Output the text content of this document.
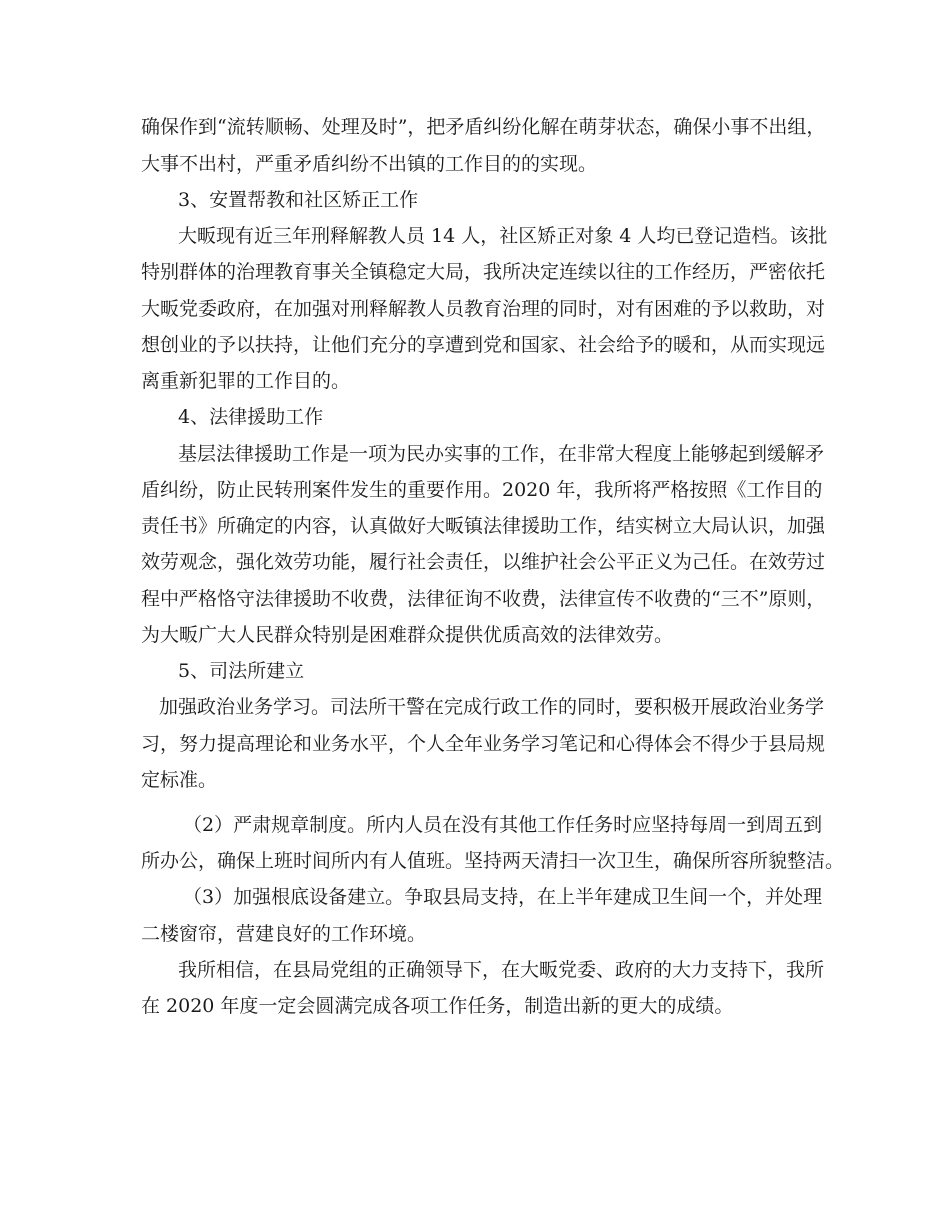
确保作到“流转顺畅、处理及时”，把矛盾纠纷化解在萌芽状态，确保小事不出组，
大事不出村，严重矛盾纠纷不出镇的工作目的的实现。
3、安置帮教和社区矫正工作
大畈现有近三年刑释解教人员 14 人，社区矫正对象 4 人均已登记造档。该批
特别群体的治理教育事关全镇稳定大局，我所决定连续以往的工作经历，严密依托
大畈党委政府，在加强对刑释解教人员教育治理的同时，对有困难的予以救助，对
想创业的予以扶持，让他们充分的享遭到党和国家、社会给予的暖和，从而实现远
离重新犯罪的工作目的。
4、法律援助工作
基层法律援助工作是一项为民办实事的工作，在非常大程度上能够起到缓解矛
盾纠纷，防止民转刑案件发生的重要作用。2020 年，我所将严格按照《工作目的
责任书》所确定的内容，认真做好大畈镇法律援助工作，结实树立大局认识，加强
效劳观念，强化效劳功能，履行社会责任，以维护社会公平正义为己任。在效劳过
程中严格恪守法律援助不收费，法律征询不收费，法律宣传不收费的“三不”原则，
为大畈广大人民群众特别是困难群众提供优质高效的法律效劳。
5、司法所建立
加强政治业务学习。司法所干警在完成行政工作的同时，要积极开展政治业务学
习，努力提高理论和业务水平，个人全年业务学习笔记和心得体会不得少于县局规
定标准。
（2）严肃规章制度。所内人员在没有其他工作任务时应坚持每周一到周五到
所办公，确保上班时间所内有人值班。坚持两天清扫一次卫生，确保所容所貌整洁。
（3）加强根底设备建立。争取县局支持，在上半年建成卫生间一个，并处理
二楼窗帘，营建良好的工作环境。
我所相信，在县局党组的正确领导下，在大畈党委、政府的大力支持下，我所
在 2020 年度一定会圆满完成各项工作任务，制造出新的更大的成绩。
